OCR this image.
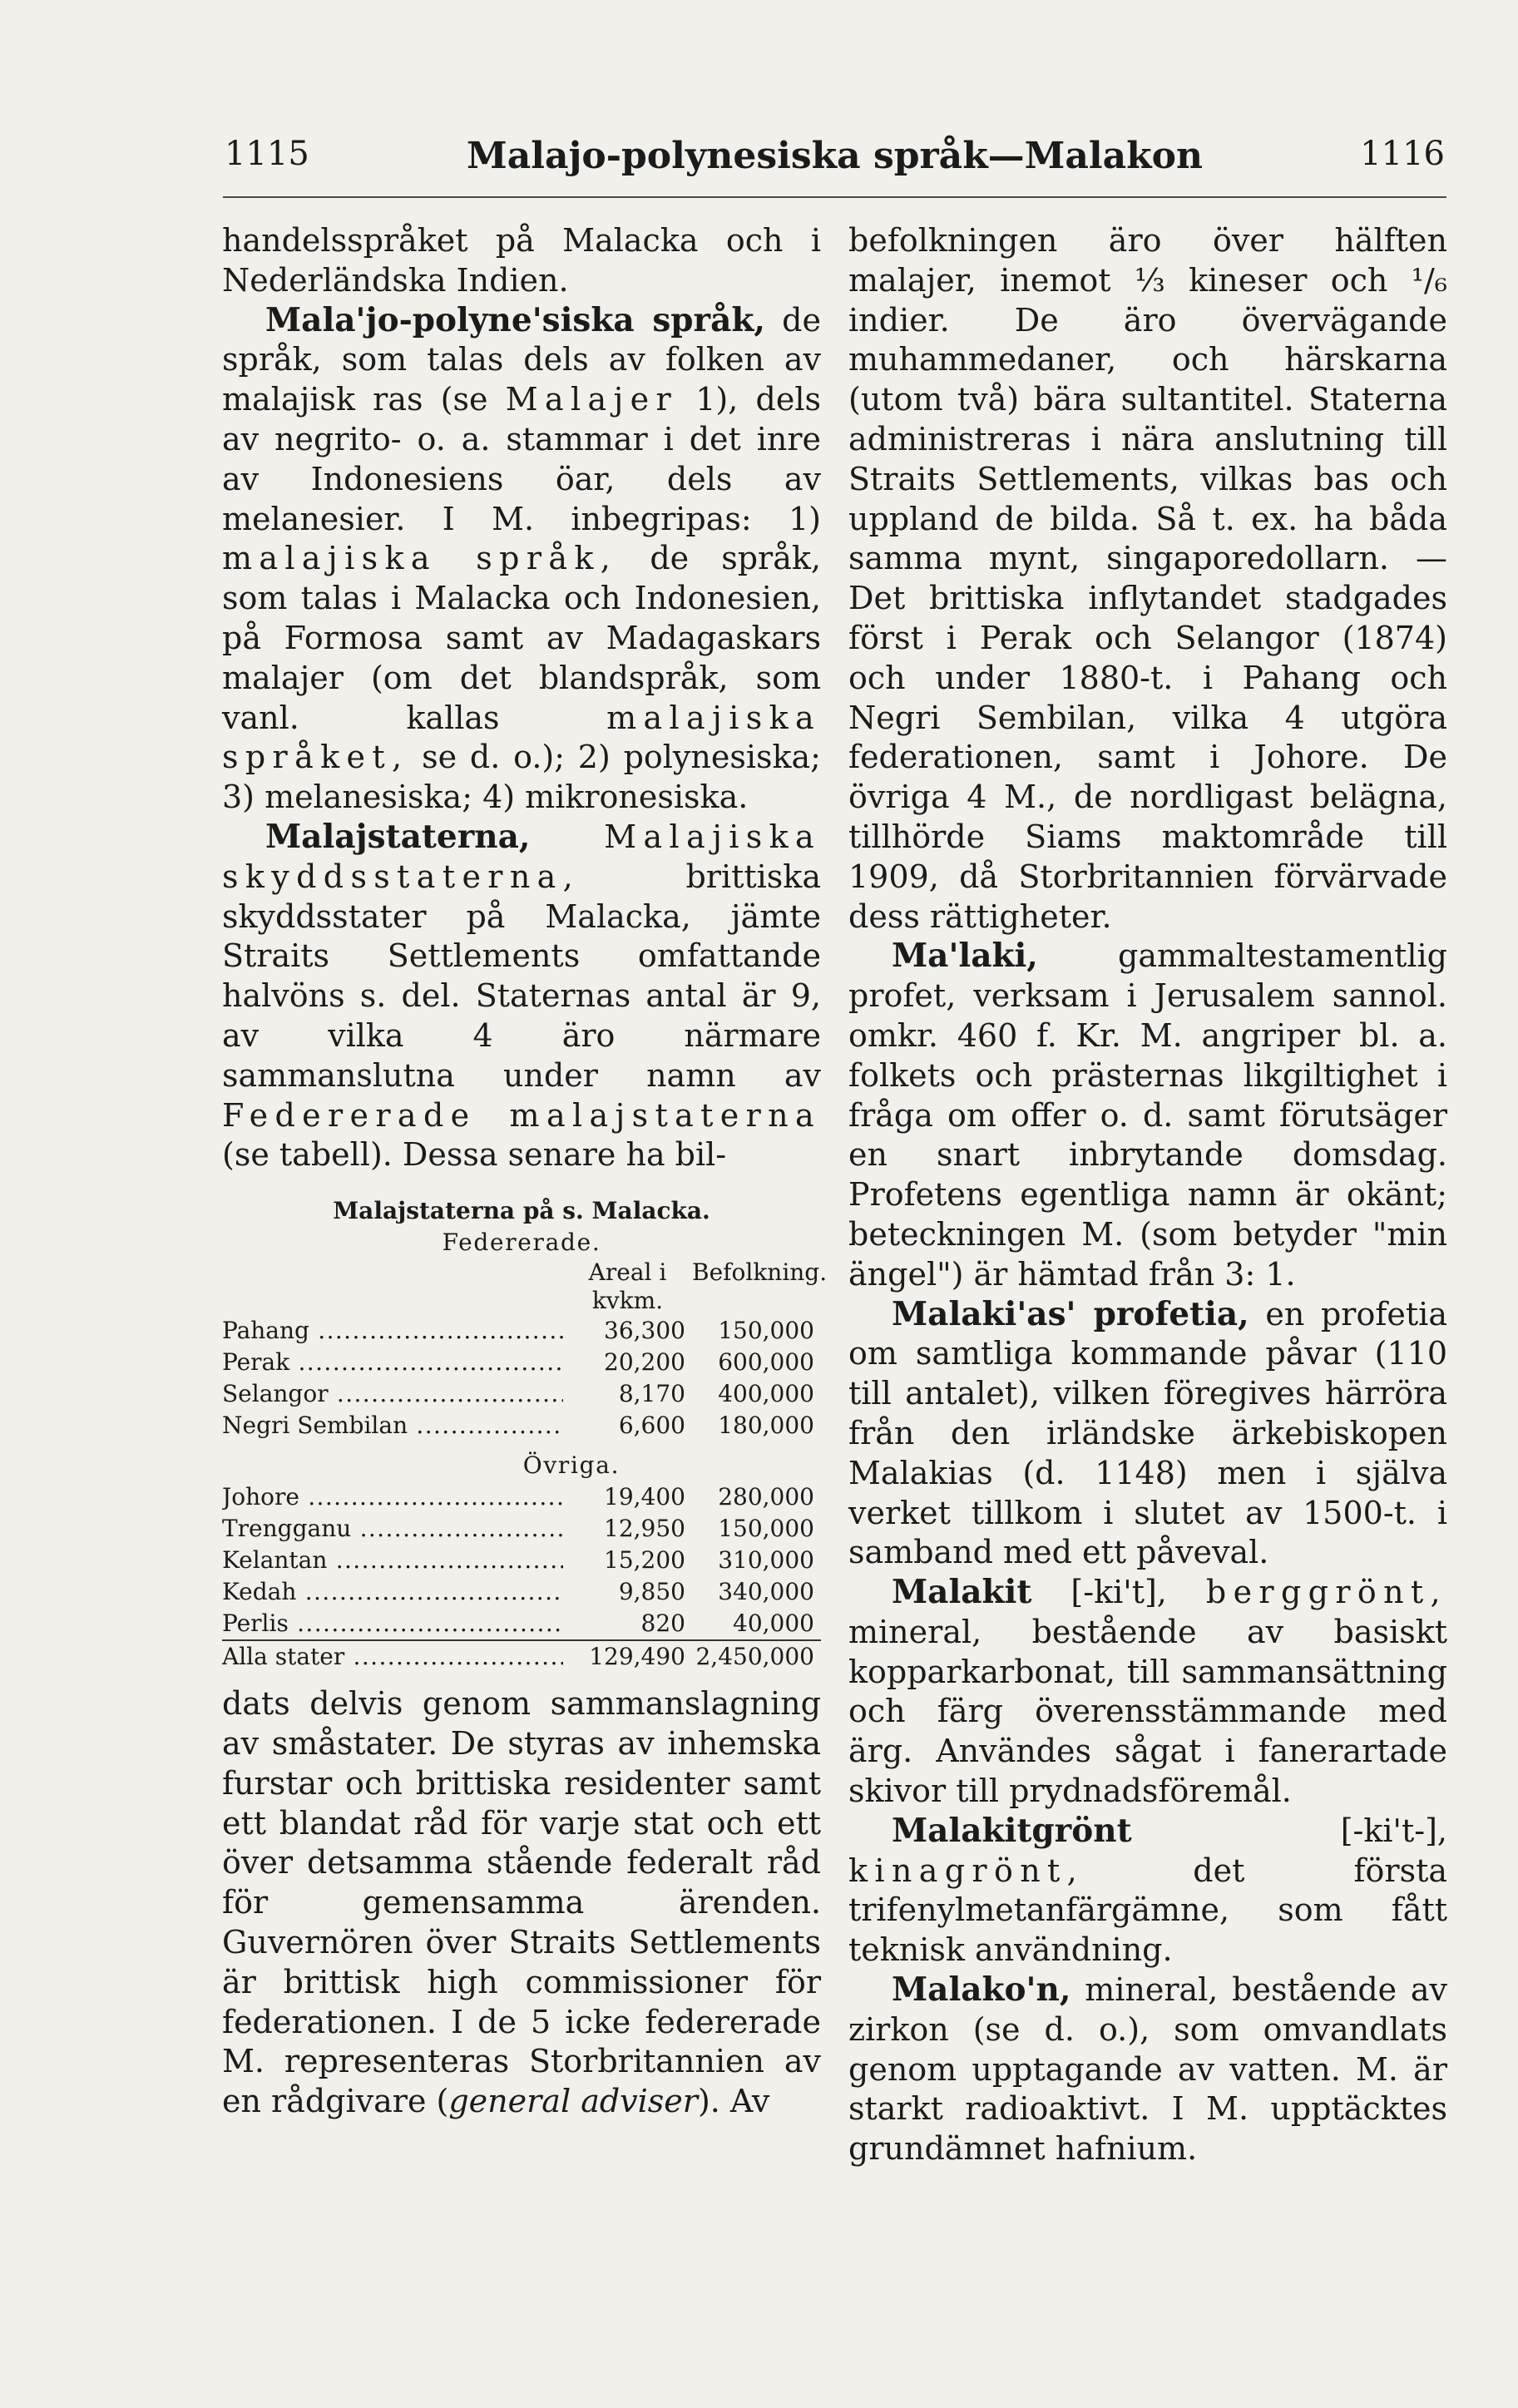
1115	Malajo-polynesiska språk—Malakon	1116

handelsspråket på Malacka och i Nederländska Indien.

Mala'jo-polyne'siska språk, de språk, som talas dels av folken av malajisk ras (se Malajer 1), dels av negrito- o. a. stammar i det inre av Indonesiens öar, dels av melanesier. I M. inbegripas: 1) malajiska språk, de språk, som talas i Malacka och Indonesien, på Formosa samt av Madagaskars malajer (om det blandspråk, som vanl. kallas	malajiska språket, se d. o.); 2) polynesiska; 3) melanesiska; 4) mikronesiska.

Malajstaterna, Malajiska skyddsstaterna,	brittiska skyddsstater på Malacka, jämte Straits Settlements omfattande halvöns s. del. Staternas antal är 9, av vilka 4 äro närmare sammanslutna under namn av Federerade malajstaterna (se tabell). Dessa senare ha bil-

Malajstaterna på s. Malacka.
Federerade.
Areal i kvkm.
Befolkning.
Pahang .....	36,300	150,000
Perak .....	20,200	600,000
Selangor .....	8,170	400,000
Negri Sembilan .....	6,600	180,000
Övriga.
Johore .....	19,400	280,000
Trengganu .....	12,950	150,000
Kelantan .....	15,200	310,000
Kedah .....	9,850	340,000
Perlis .....	820	40,000
Alla stater .....	129,490 2,450,000

dats delvis genom sammanslagning av småstater. De styras av inhemska furstar och brittiska residenter samt ett blandat råd för varje stat och ett över detsamma stående federalt råd för gemensamma ärenden. Guvernören över Straits Settlements är brittisk high commissioner för federationen. I de 5 icke federerade M. representeras Storbritannien av en rådgivare (general adviser). Av

befolkningen äro över hälften malajer, inemot ⅓ kineser och ¹/₆ indier. De äro övervägande muhammedaner, och härskarna (utom två) bära sultantitel. Staterna administreras i nära anslutning till Straits Settlements, vilkas bas och uppland de bilda. Så t. ex. ha båda samma mynt, singaporedollarn. — Det brittiska inflytandet stadgades först i Perak och Selangor (1874) och under 1880-t. i Pahang och Negri Sembilan, vilka 4 utgöra federationen, samt i Johore. De övriga 4 M., de nordligast belägna, tillhörde Siams maktområde till 1909, då Storbritannien förvärvade dess rättigheter.

Ma'laki,	gammaltestamentlig profet, verksam i Jerusalem sannol. omkr. 460 f. Kr. M. angriper bl. a. folkets och prästernas likgiltighet i fråga om offer o. d. samt förutsäger en snart inbrytande domsdag. Profetens egentliga namn är okänt; beteckningen M. (som betyder "min ängel") är hämtad från 3: 1.

Malaki'as' profetia, en profetia om samtliga kommande påvar (110 till antalet), vilken föregives härröra från den irländske ärkebiskopen Malakias (d. 1148) men i själva verket tillkom i slutet av 1500-t. i samband med ett påveval.

Malakit [-ki't], berggrönt, mineral, bestående av basiskt kopparkarbonat, till sammansättning och färg överensstämmande med ärg. Användes sågat i fanerartade skivor till prydnadsföremål.

Malakitgrönt	[-ki't-], kinagrönt,	det första trifenylmetanfärgämne, som fått teknisk användning.

Malako'n, mineral, bestående av zirkon (se d. o.), som omvandlats genom upptagande av vatten. M. är starkt radioaktivt. I M. upptäcktes grundämnet hafnium.
